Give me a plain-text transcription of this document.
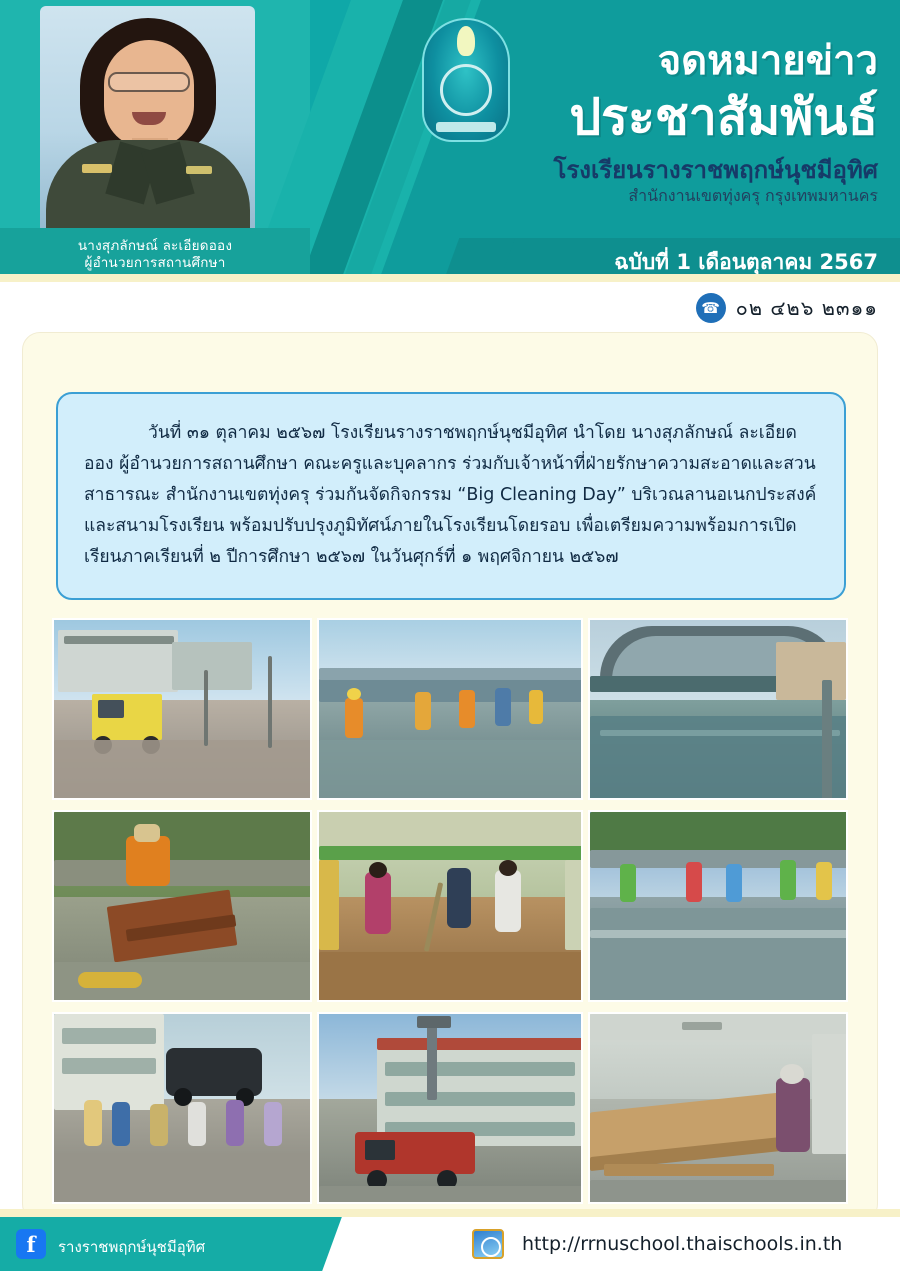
นางสุภลักษณ์ ละเอียดออง
ผู้อำนวยการสถานศึกษา
จดหมายข่าว
ประชาสัมพันธ์
โรงเรียนรางราชพฤกษ์นุชมีอุทิศ
สำนักงานเขตทุ่งครุ กรุงเทพมหานคร
ฉบับที่ 1 เดือนตุลาคม 2567
☎ ๐๒ ๔๒๖ ๒๓๑๑

วันที่ ๓๑ ตุลาคม ๒๕๖๗ โรงเรียนรางราชพฤกษ์นุชมีอุทิศ นำโดย นางสุภลักษณ์ ละเอียดออง ผู้อำนวยการสถานศึกษา คณะครูและบุคลากร ร่วมกับเจ้าหน้าที่ฝ่ายรักษาความสะอาดและสวนสาธารณะ สำนักงานเขตทุ่งครุ ร่วมกันจัดกิจกรรม “Big Cleaning Day” บริเวณลานอเนกประสงค์และสนามโรงเรียน พร้อมปรับปรุงภูมิทัศน์ภายในโรงเรียนโดยรอบ เพื่อเตรียมความพร้อมการเปิดเรียนภาคเรียนที่ ๒ ปีการศึกษา ๒๕๖๗ ในวันศุกร์ที่ ๑ พฤศจิกายน ๒๕๖๗

f	รางราชพฤกษ์นุชมีอุทิศ	http://rrnuschool.thaischools.in.th
